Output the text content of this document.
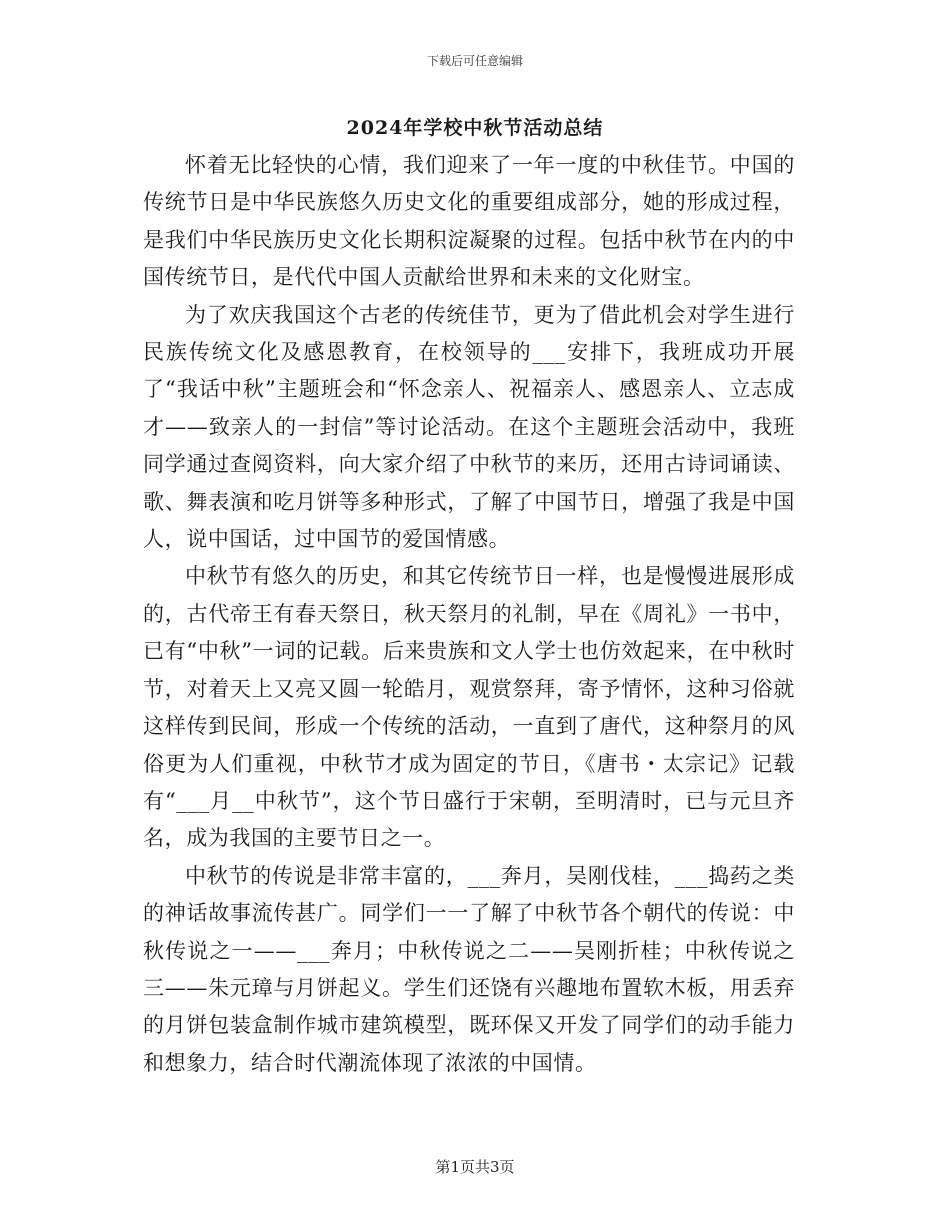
下载后可任意编辑
2024年学校中秋节活动总结

怀着无比轻快的心情，我们迎来了一年一度的中秋佳节。中国的传统节日是中华民族悠久历史文化的重要组成部分，她的形成过程，是我们中华民族历史文化长期积淀凝聚的过程。包括中秋节在内的中国传统节日，是代代中国人贡献给世界和未来的文化财宝。

为了欢庆我国这个古老的传统佳节，更为了借此机会对学生进行民族传统文化及感恩教育，在校领导的___安排下，我班成功开展了“我话中秋”主题班会和“怀念亲人、祝福亲人、感恩亲人、立志成才——致亲人的一封信”等讨论活动。在这个主题班会活动中，我班同学通过查阅资料，向大家介绍了中秋节的来历，还用古诗词诵读、歌、舞表演和吃月饼等多种形式，了解了中国节日，增强了我是中国人，说中国话，过中国节的爱国情感。

中秋节有悠久的历史，和其它传统节日一样，也是慢慢进展形成的，古代帝王有春天祭日，秋天祭月的礼制，早在《周礼》一书中，已有“中秋”一词的记载。后来贵族和文人学士也仿效起来，在中秋时节，对着天上又亮又圆一轮皓月，观赏祭拜，寄予情怀，这种习俗就这样传到民间，形成一个传统的活动，一直到了唐代，这种祭月的风俗更为人们重视，中秋节才成为固定的节日，《唐书・太宗记》记载有“___月__中秋节”，这个节日盛行于宋朝，至明清时，已与元旦齐名，成为我国的主要节日之一。

中秋节的传说是非常丰富的，___奔月，吴刚伐桂，___捣药之类的神话故事流传甚广。同学们一一了解了中秋节各个朝代的传说：中秋传说之一——___奔月；中秋传说之二——吴刚折桂；中秋传说之三——朱元璋与月饼起义。学生们还饶有兴趣地布置软木板，用丢弃的月饼包装盒制作城市建筑模型，既环保又开发了同学们的动手能力和想象力，结合时代潮流体现了浓浓的中国情。

第1页共3页
